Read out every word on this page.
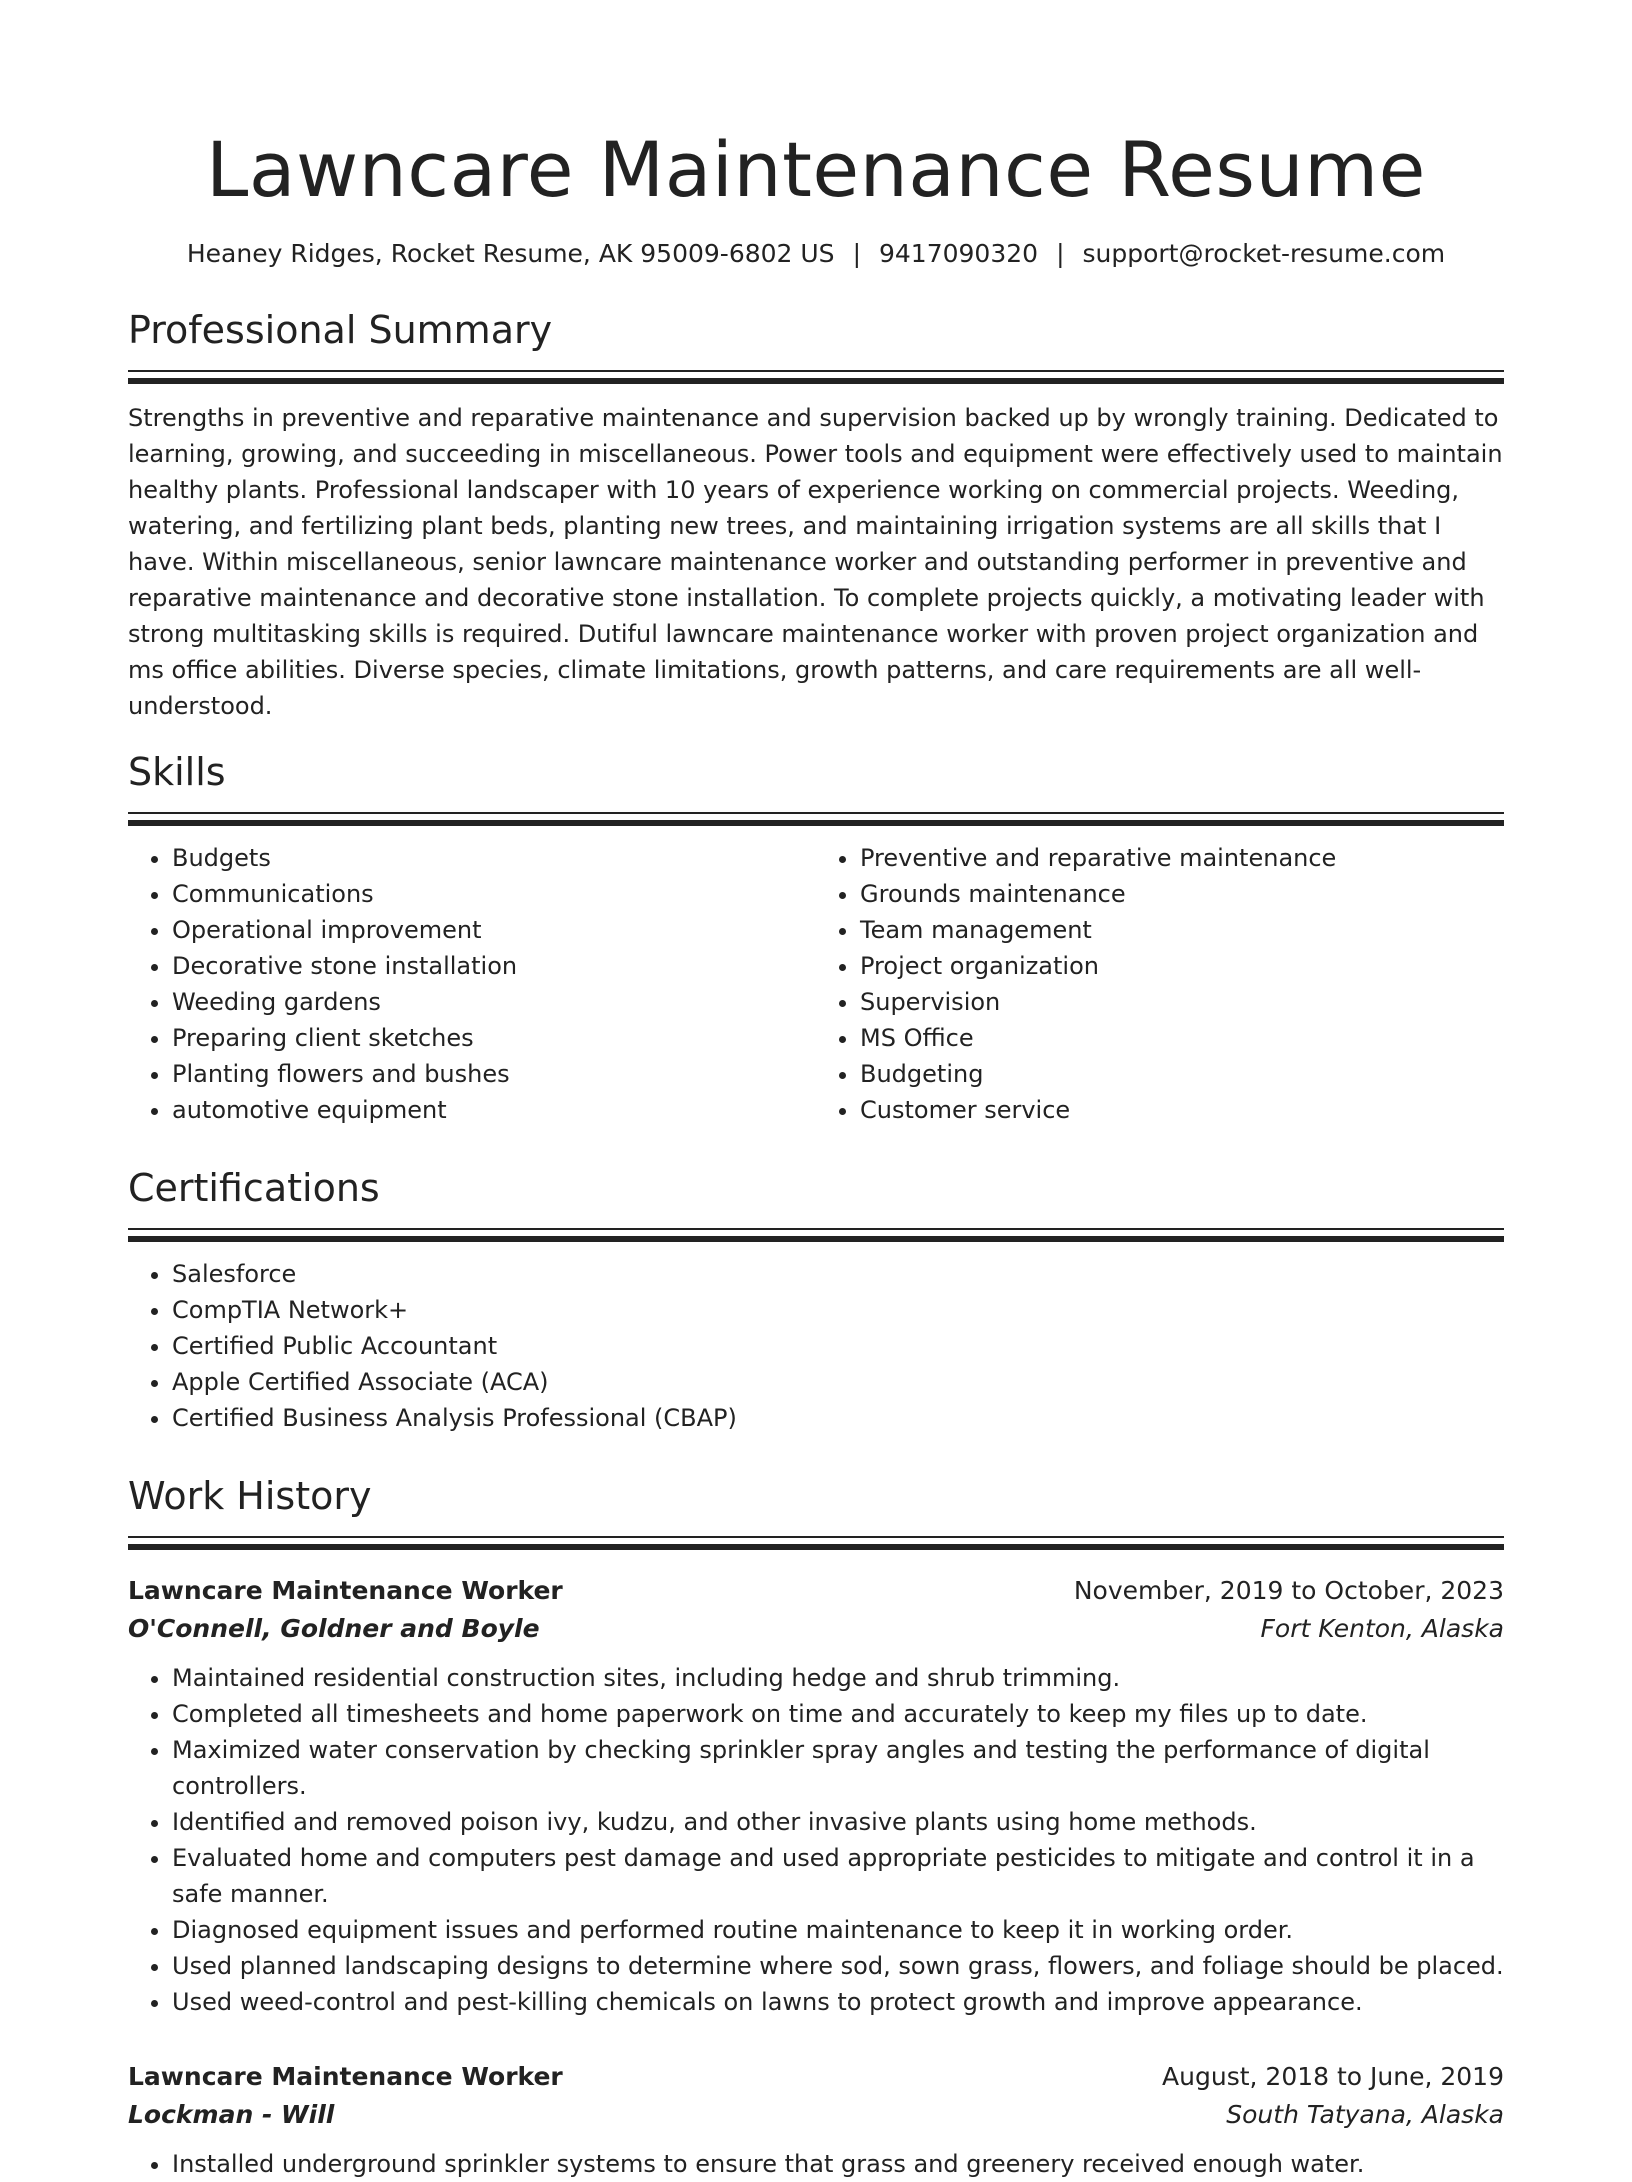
Lawncare Maintenance Resume
Heaney Ridges, Rocket Resume, AK 95009-6802 US | 9417090320 | support@rocket-resume.com
Professional Summary

Strengths in preventive and reparative maintenance and supervision backed up by wrongly training. Dedicated to learning, growing, and succeeding in miscellaneous. Power tools and equipment were effectively used to maintain healthy plants. Professional landscaper with 10 years of experience working on commercial projects. Weeding, watering, and fertilizing plant beds, planting new trees, and maintaining irrigation systems are all skills that I have. Within miscellaneous, senior lawncare maintenance worker and outstanding performer in preventive and reparative maintenance and decorative stone installation. To complete projects quickly, a motivating leader with strong multitasking skills is required. Dutiful lawncare maintenance worker with proven project organization and ms office abilities. Diverse species, climate limitations, growth patterns, and care requirements are all well-understood.

Skills
• Budgets
• Communications
• Operational improvement
• Decorative stone installation
• Weeding gardens
• Preparing client sketches
• Planting flowers and bushes
• automotive equipment
• Preventive and reparative maintenance
• Grounds maintenance
• Team management
• Project organization
• Supervision
• MS Office
• Budgeting
• Customer service
Certifications
• Salesforce
• CompTIA Network+
• Certified Public Accountant
• Apple Certified Associate (ACA)
• Certified Business Analysis Professional (CBAP)
Work History
Lawncare Maintenance Worker	November, 2019 to October, 2023
O'Connell, Goldner and Boyle	Fort Kenton, Alaska
• Maintained residential construction sites, including hedge and shrub trimming.
• Completed all timesheets and home paperwork on time and accurately to keep my files up to date.
• Maximized water conservation by checking sprinkler spray angles and testing the performance of digital controllers.
• Identified and removed poison ivy, kudzu, and other invasive plants using home methods.
• Evaluated home and computers pest damage and used appropriate pesticides to mitigate and control it in a safe manner.
• Diagnosed equipment issues and performed routine maintenance to keep it in working order.
• Used planned landscaping designs to determine where sod, sown grass, flowers, and foliage should be placed.
• Used weed-control and pest-killing chemicals on lawns to protect growth and improve appearance.
Lawncare Maintenance Worker	August, 2018 to June, 2019
Lockman - Will	South Tatyana, Alaska
• Installed underground sprinkler systems to ensure that grass and greenery received enough water.
